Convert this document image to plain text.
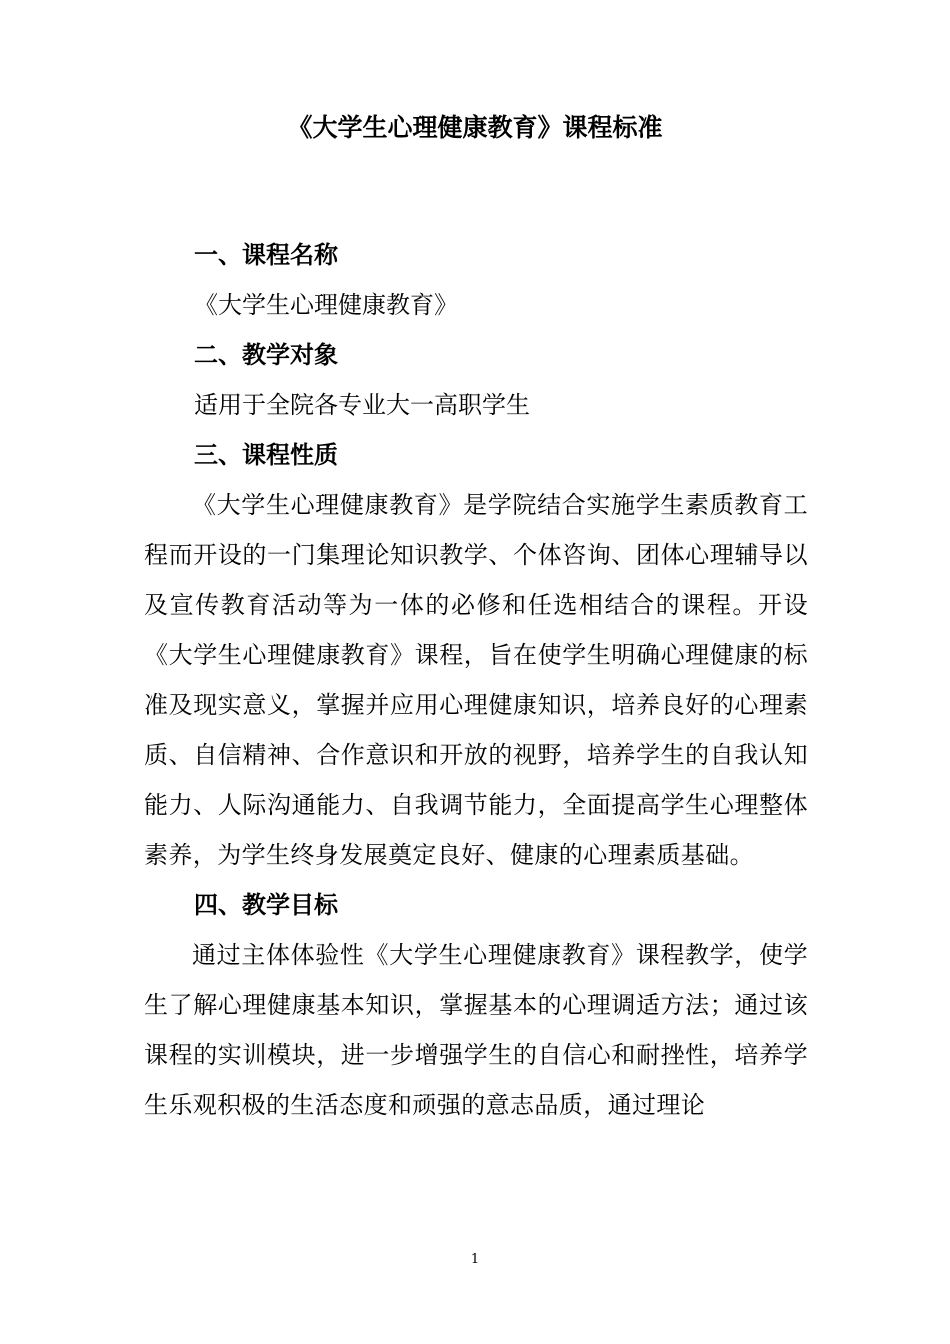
《大学生心理健康教育》课程标准
一、课程名称
《大学生心理健康教育》
二、教学对象
适用于全院各专业大一高职学生
三、课程性质

《大学生心理健康教育》是学院结合实施学生素质教育工程而开设的一门集理论知识教学、个体咨询、团体心理辅导以及宣传教育活动等为一体的必修和任选相结合的课程。开设《大学生心理健康教育》课程，旨在使学生明确心理健康的标准及现实意义，掌握并应用心理健康知识，培养良好的心理素质、自信精神、合作意识和开放的视野，培养学生的自我认知能力、人际沟通能力、自我调节能力，全面提高学生心理整体素养，为学生终身发展奠定良好、健康的心理素质基础。

四、教学目标

通过主体体验性《大学生心理健康教育》课程教学，使学生了解心理健康基本知识，掌握基本的心理调适方法；通过该课程的实训模块，进一步增强学生的自信心和耐挫性，培养学生乐观积极的生活态度和顽强的意志品质，通过理论

1
